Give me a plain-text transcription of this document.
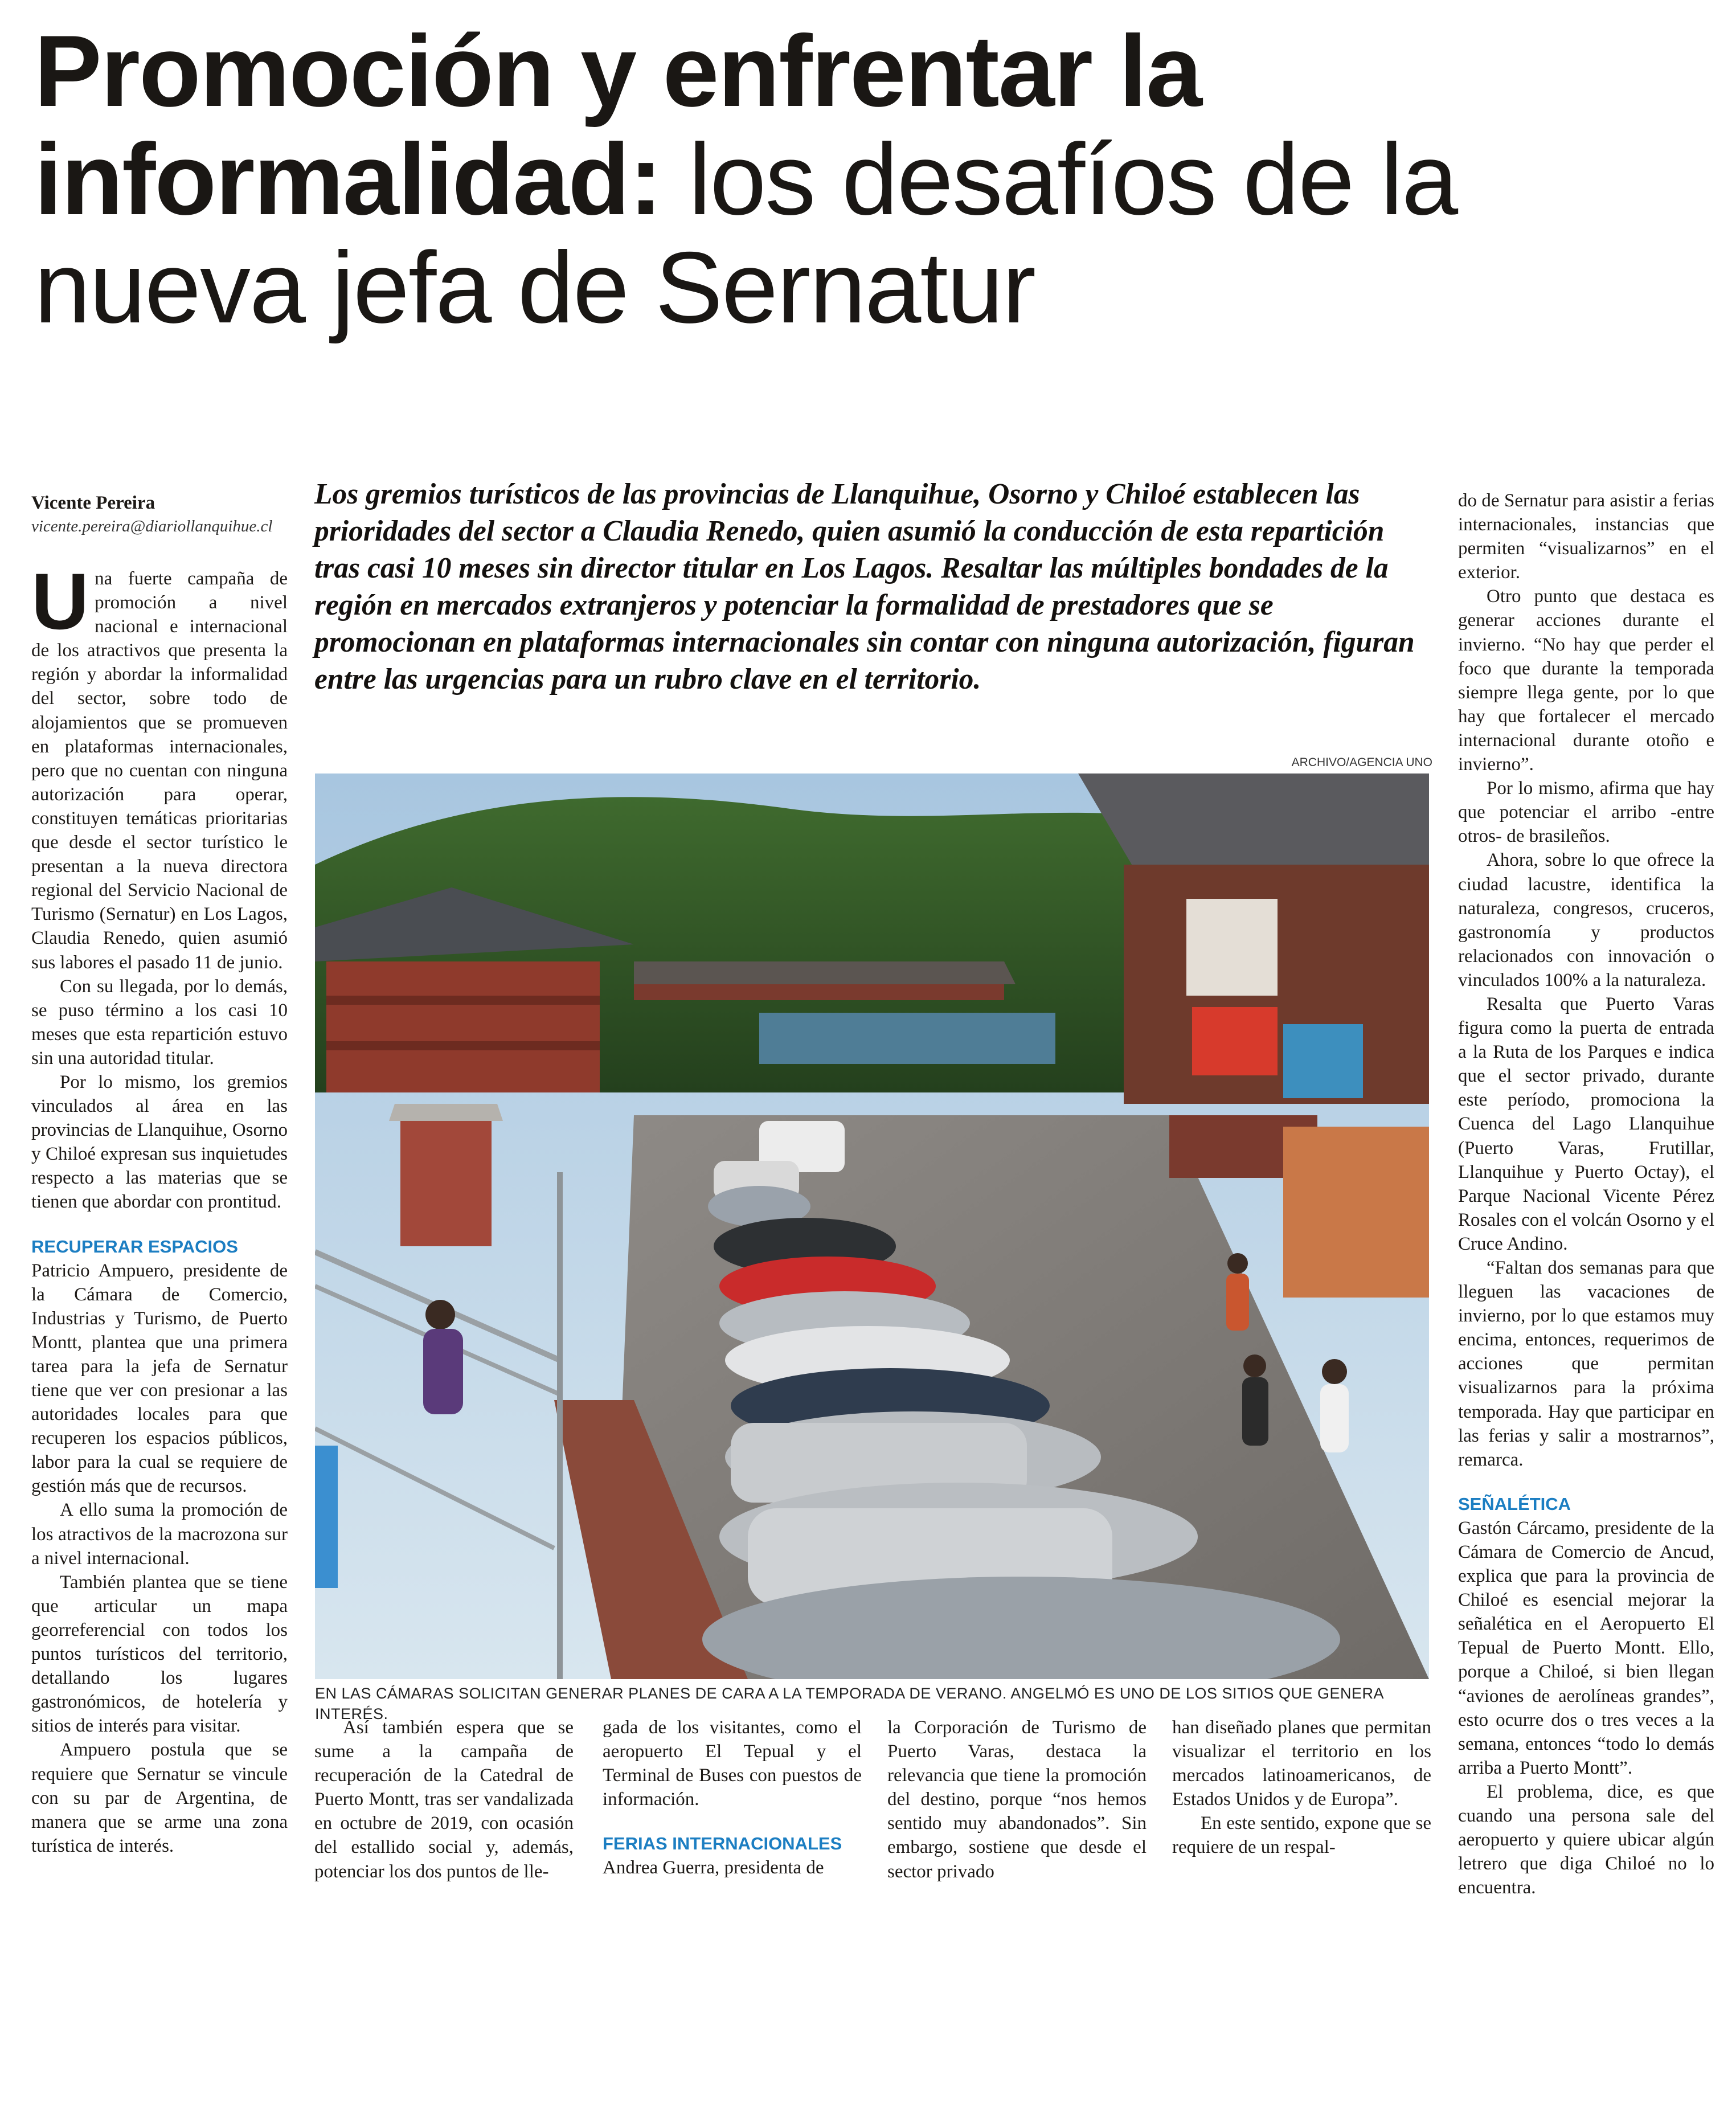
Promoción y enfrentar la informalidad: los desafíos de la nueva jefa de Sernatur
Vicente Pereira
vicente.pereira@diariollanquihue.cl

Los gremios turísticos de las provincias de Llanquihue, Osorno y Chiloé establecen las prioridades del sector a Claudia Renedo, quien asumió la conducción de esta repartición tras casi 10 meses sin director titular en Los Lagos. Resaltar las múltiples bondades de la región en mercados extranjeros y potenciar la formalidad de prestadores que se promocionan en plataformas internacionales sin contar con ninguna autorización, figuran entre las urgencias para un rubro clave en el territorio.

Una fuerte campaña de promoción a nivel nacional e internacional de los atractivos que presenta la región y abordar la informalidad del sector, sobre todo de alojamientos que se promueven en plataformas internacionales, pero que no cuentan con ninguna autorización para operar, constituyen temáticas prioritarias que desde el sector turístico le presentan a la nueva directora regional del Servicio Nacional de Turismo (Sernatur) en Los Lagos, Claudia Renedo, quien asumió sus labores el pasado 11 de junio.

Con su llegada, por lo demás, se puso término a los casi 10 meses que esta repartición estuvo sin una autoridad titular.

Por lo mismo, los gremios vinculados al área en las provincias de Llanquihue, Osorno y Chiloé expresan sus inquietudes respecto a las materias que se tienen que abordar con prontitud.

RECUPERAR ESPACIOS

Patricio Ampuero, presidente de la Cámara de Comercio, Industrias y Turismo, de Puerto Montt, plantea que una primera tarea para la jefa de Sernatur tiene que ver con presionar a las autoridades locales para que recuperen los espacios públicos, labor para la cual se requiere de gestión más que de recursos.

A ello suma la promoción de los atractivos de la macrozona sur a nivel internacional.

También plantea que se tiene que articular un mapa georreferencial con todos los puntos turísticos del territorio, detallando los lugares gastronómicos, de hotelería y sitios de interés para visitar.

Ampuero postula que se requiere que Sernatur se vincule con su par de Argentina, de manera que se arme una zona turística de interés.

ARCHIVO/AGENCIA UNO
EN LAS CÁMARAS SOLICITAN GENERAR PLANES DE CARA A LA TEMPORADA DE VERANO. ANGELMÓ ES UNO DE LOS SITIOS QUE GENERA INTERÉS.

Así también espera que se sume a la campaña de recuperación de la Catedral de Puerto Montt, tras ser vandalizada en octubre de 2019, con ocasión del estallido social y, además, potenciar los dos puntos de lle-

gada de los visitantes, como el aeropuerto El Tepual y el Terminal de Buses con puestos de información.

FERIAS INTERNACIONALES

Andrea Guerra, presidenta de

la Corporación de Turismo de Puerto Varas, destaca la relevancia que tiene la promoción del destino, porque “nos hemos sentido muy abandonados”. Sin embargo, sostiene que desde el sector privado

han diseñado planes que permitan visualizar el territorio en los mercados latinoamericanos, de Estados Unidos y de Europa”.

En este sentido, expone que se requiere de un respal-

do de Sernatur para asistir a ferias internacionales, instancias que permiten “visualizarnos” en el exterior.

Otro punto que destaca es generar acciones durante el invierno. “No hay que perder el foco que durante la temporada siempre llega gente, por lo que hay que fortalecer el mercado internacional durante otoño e invierno”.

Por lo mismo, afirma que hay que potenciar el arribo -entre otros- de brasileños.

Ahora, sobre lo que ofrece la ciudad lacustre, identifica la naturaleza, congresos, cruceros, gastronomía y productos relacionados con innovación o vinculados 100% a la naturaleza.

Resalta que Puerto Varas figura como la puerta de entrada a la Ruta de los Parques e indica que el sector privado, durante este período, promociona la Cuenca del Lago Llanquihue (Puerto Varas, Frutillar, Llanquihue y Puerto Octay), el Parque Nacional Vicente Pérez Rosales con el volcán Osorno y el Cruce Andino.

“Faltan dos semanas para que lleguen las vacaciones de invierno, por lo que estamos muy encima, entonces, requerimos de acciones que permitan visualizarnos para la próxima temporada. Hay que participar en las ferias y salir a mostrarnos”, remarca.

SEÑALÉTICA

Gastón Cárcamo, presidente de la Cámara de Comercio de Ancud, explica que para la provincia de Chiloé es esencial mejorar la señalética en el Aeropuerto El Tepual de Puerto Montt. Ello, porque a Chiloé, si bien llegan “aviones de aerolíneas grandes”, esto ocurre dos o tres veces a la semana, entonces “todo lo demás arriba a Puerto Montt”.

El problema, dice, es que cuando una persona sale del aeropuerto y quiere ubicar algún letrero que diga Chiloé no lo encuentra.
